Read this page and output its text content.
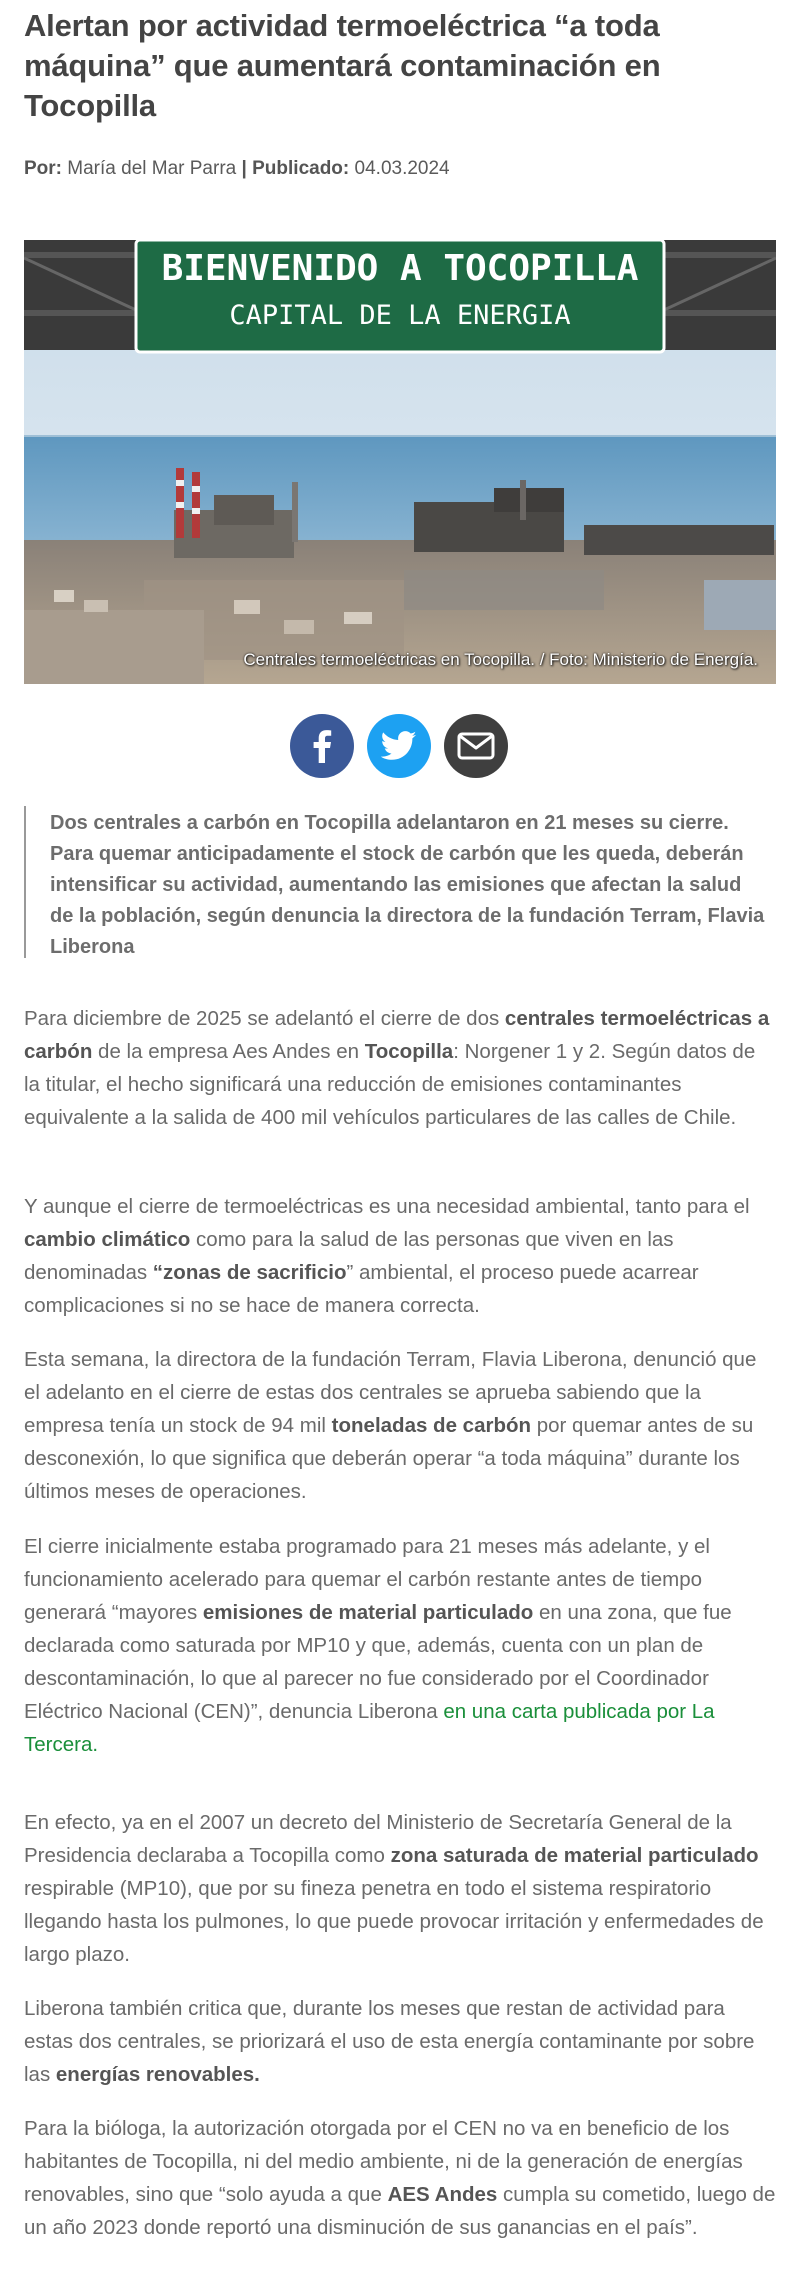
Alertan por actividad termoeléctrica “a toda máquina” que aumentará contaminación en Tocopilla
Por: María del Mar Parra | Publicado: 04.03.2024
BIENVENIDO A TOCOPILLA
CAPITAL DE LA ENERGIA
Centrales termoeléctricas en Tocopilla. / Foto: Ministerio de Energía.

Dos centrales a carbón en Tocopilla adelantaron en 21 meses su cierre. Para quemar anticipadamente el stock de carbón que les queda, deberán intensificar su actividad, aumentando las emisiones que afectan la salud de la población, según denuncia la directora de la fundación Terram, Flavia Liberona

Para diciembre de 2025 se adelantó el cierre de dos centrales termoeléctricas a carbón de la empresa Aes Andes en Tocopilla: Norgener 1 y 2. Según datos de la titular, el hecho significará una reducción de emisiones contaminantes equivalente a la salida de 400 mil vehículos particulares de las calles de Chile.

Y aunque el cierre de termoeléctricas es una necesidad ambiental, tanto para el cambio climático como para la salud de las personas que viven en las denominadas “zonas de sacrificio” ambiental, el proceso puede acarrear complicaciones si no se hace de manera correcta.

Esta semana, la directora de la fundación Terram, Flavia Liberona, denunció que el adelanto en el cierre de estas dos centrales se aprueba sabiendo que la empresa tenía un stock de 94 mil toneladas de carbón por quemar antes de su desconexión, lo que significa que deberán operar “a toda máquina” durante los últimos meses de operaciones.

El cierre inicialmente estaba programado para 21 meses más adelante, y el funcionamiento acelerado para quemar el carbón restante antes de tiempo generará “mayores emisiones de material particulado en una zona, que fue declarada como saturada por MP10 y que, además, cuenta con un plan de descontaminación, lo que al parecer no fue considerado por el Coordinador Eléctrico Nacional (CEN)”, denuncia Liberona en una carta publicada por La Tercera.

En efecto, ya en el 2007 un decreto del Ministerio de Secretaría General de la Presidencia declaraba a Tocopilla como zona saturada de material particulado respirable (MP10), que por su fineza penetra en todo el sistema respiratorio llegando hasta los pulmones, lo que puede provocar irritación y enfermedades de largo plazo.

Liberona también critica que, durante los meses que restan de actividad para estas dos centrales, se priorizará el uso de esta energía contaminante por sobre las energías renovables.

Para la bióloga, la autorización otorgada por el CEN no va en beneficio de los habitantes de Tocopilla, ni del medio ambiente, ni de la generación de energías renovables, sino que “solo ayuda a que AES Andes cumpla su cometido, luego de un año 2023 donde reportó una disminución de sus ganancias en el país”.
